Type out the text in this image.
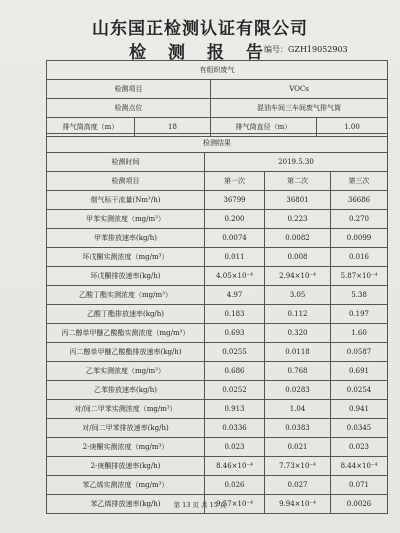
山东国正检测认证有限公司
检 测 报 告
编号：GZH19052903
有组织废气			
检测项目		VOCs	
检测点位		混油车间三车间废气排气筒	
排气筒高度（m）	18	排气筒直径（m）	1.00
检测结果			
检测时间	2019.5.30		
检测项目	第一次	第二次	第三次
烟气标干流量(Nm³/h)	36799	36801	36686
甲苯实测浓度（mg/m³）	0.200	0.223	0.270
甲苯排放速率(kg/h)	0.0074	0.0082	0.0099
环戊酮实测浓度（mg/m³）	0.011	0.008	0.016
环戊酮排放速率(kg/h)	4.05×10⁻⁴	2.94×10⁻⁴	5.87×10⁻⁴
乙酸丁酯实测浓度（mg/m³）	4.97	3.05	5.38
乙酸丁酯排放速率(kg/h)	0.183	0.112	0.197
丙二醇单甲醚乙酸酯实测浓度（mg/m³）	0.693	0.320	1.60
丙二醇单甲醚乙酸酯排放速率(kg/h)	0.0255	0.0118	0.0587
乙苯实测浓度（mg/m³）	0.686	0.768	0.691
乙苯排放速率(kg/h)	0.0252	0.0283	0.0254
对/间二甲苯实测浓度（mg/m³）	0.913	1.04	0.941
对/间二甲苯排放速率(kg/h)	0.0336	0.0383	0.0345
2-庚酮实测浓度（mg/m³）	0.023	0.021	0.023
2-庚酮排放速率(kg/h)	8.46×10⁻⁴	7.73×10⁻⁴	8.44×10⁻⁴
苯乙烯实测浓度（mg/m³）	0.026	0.027	0.071
苯乙烯排放速率(kg/h)	9.57×10⁻⁴	9.94×10⁻⁴	0.0026
第 13 页 共 15 页
